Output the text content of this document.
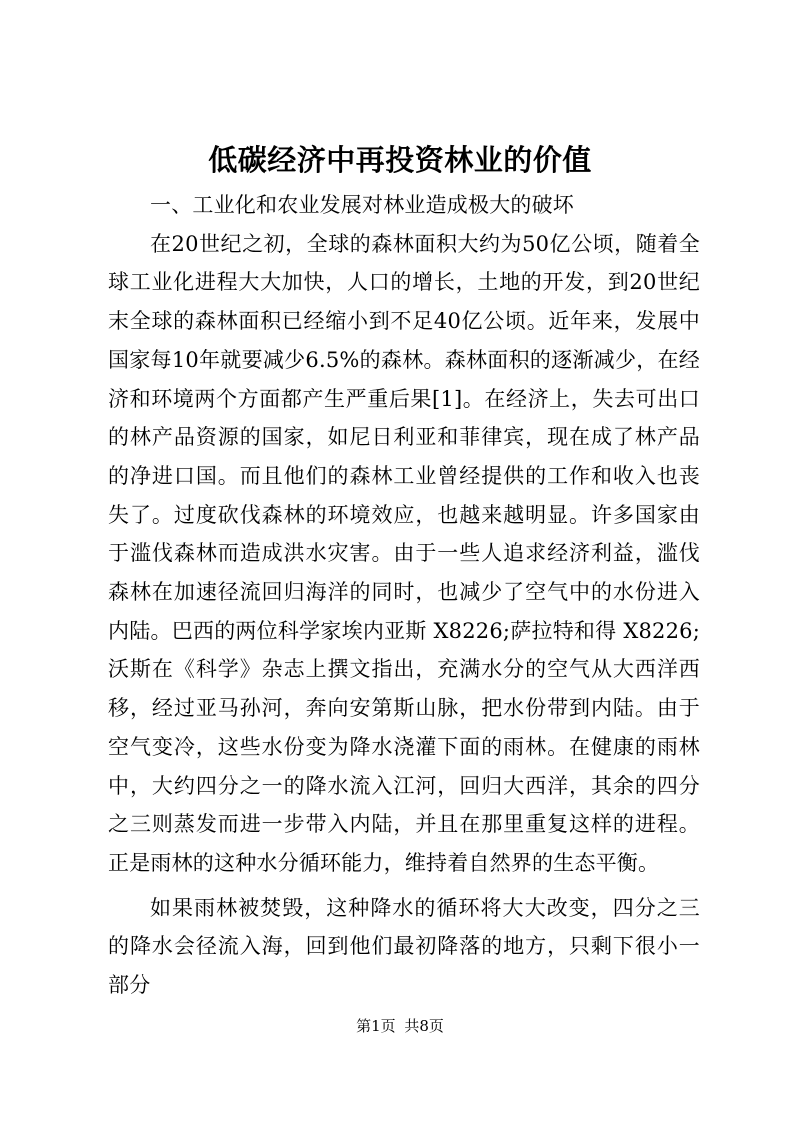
低碳经济中再投资林业的价值

一、工业化和农业发展对林业造成极大的破坏

在20世纪之初，全球的森林面积大约为50亿公顷，随着全球工业化进程大大加快，人口的增长，土地的开发，到20世纪末全球的森林面积已经缩小到不足40亿公顷。近年来，发展中国家每10年就要减少6.5%的森林。森林面积的逐渐减少，在经济和环境两个方面都产生严重后果[1]。在经济上，失去可出口的林产品资源的国家，如尼日利亚和菲律宾，现在成了林产品的净进口国。而且他们的森林工业曾经提供的工作和收入也丧失了。过度砍伐森林的环境效应，也越来越明显。许多国家由于滥伐森林而造成洪水灾害。由于一些人追求经济利益，滥伐森林在加速径流回归海洋的同时，也减少了空气中的水份进入内陆。巴西的两位科学家埃内亚斯 X8226;萨拉特和得 X8226;沃斯在《科学》杂志上撰文指出，充满水分的空气从大西洋西移，经过亚马孙河，奔向安第斯山脉，把水份带到内陆。由于空气变冷，这些水份变为降水浇灌下面的雨林。在健康的雨林中，大约四分之一的降水流入江河，回归大西洋，其余的四分之三则蒸发而进一步带入内陆，并且在那里重复这样的进程。正是雨林的这种水分循环能力，维持着自然界的生态平衡。

如果雨林被焚毁，这种降水的循环将大大改变，四分之三的降水会径流入海，回到他们最初降落的地方，只剩下很小一部分

第1页 共8页
